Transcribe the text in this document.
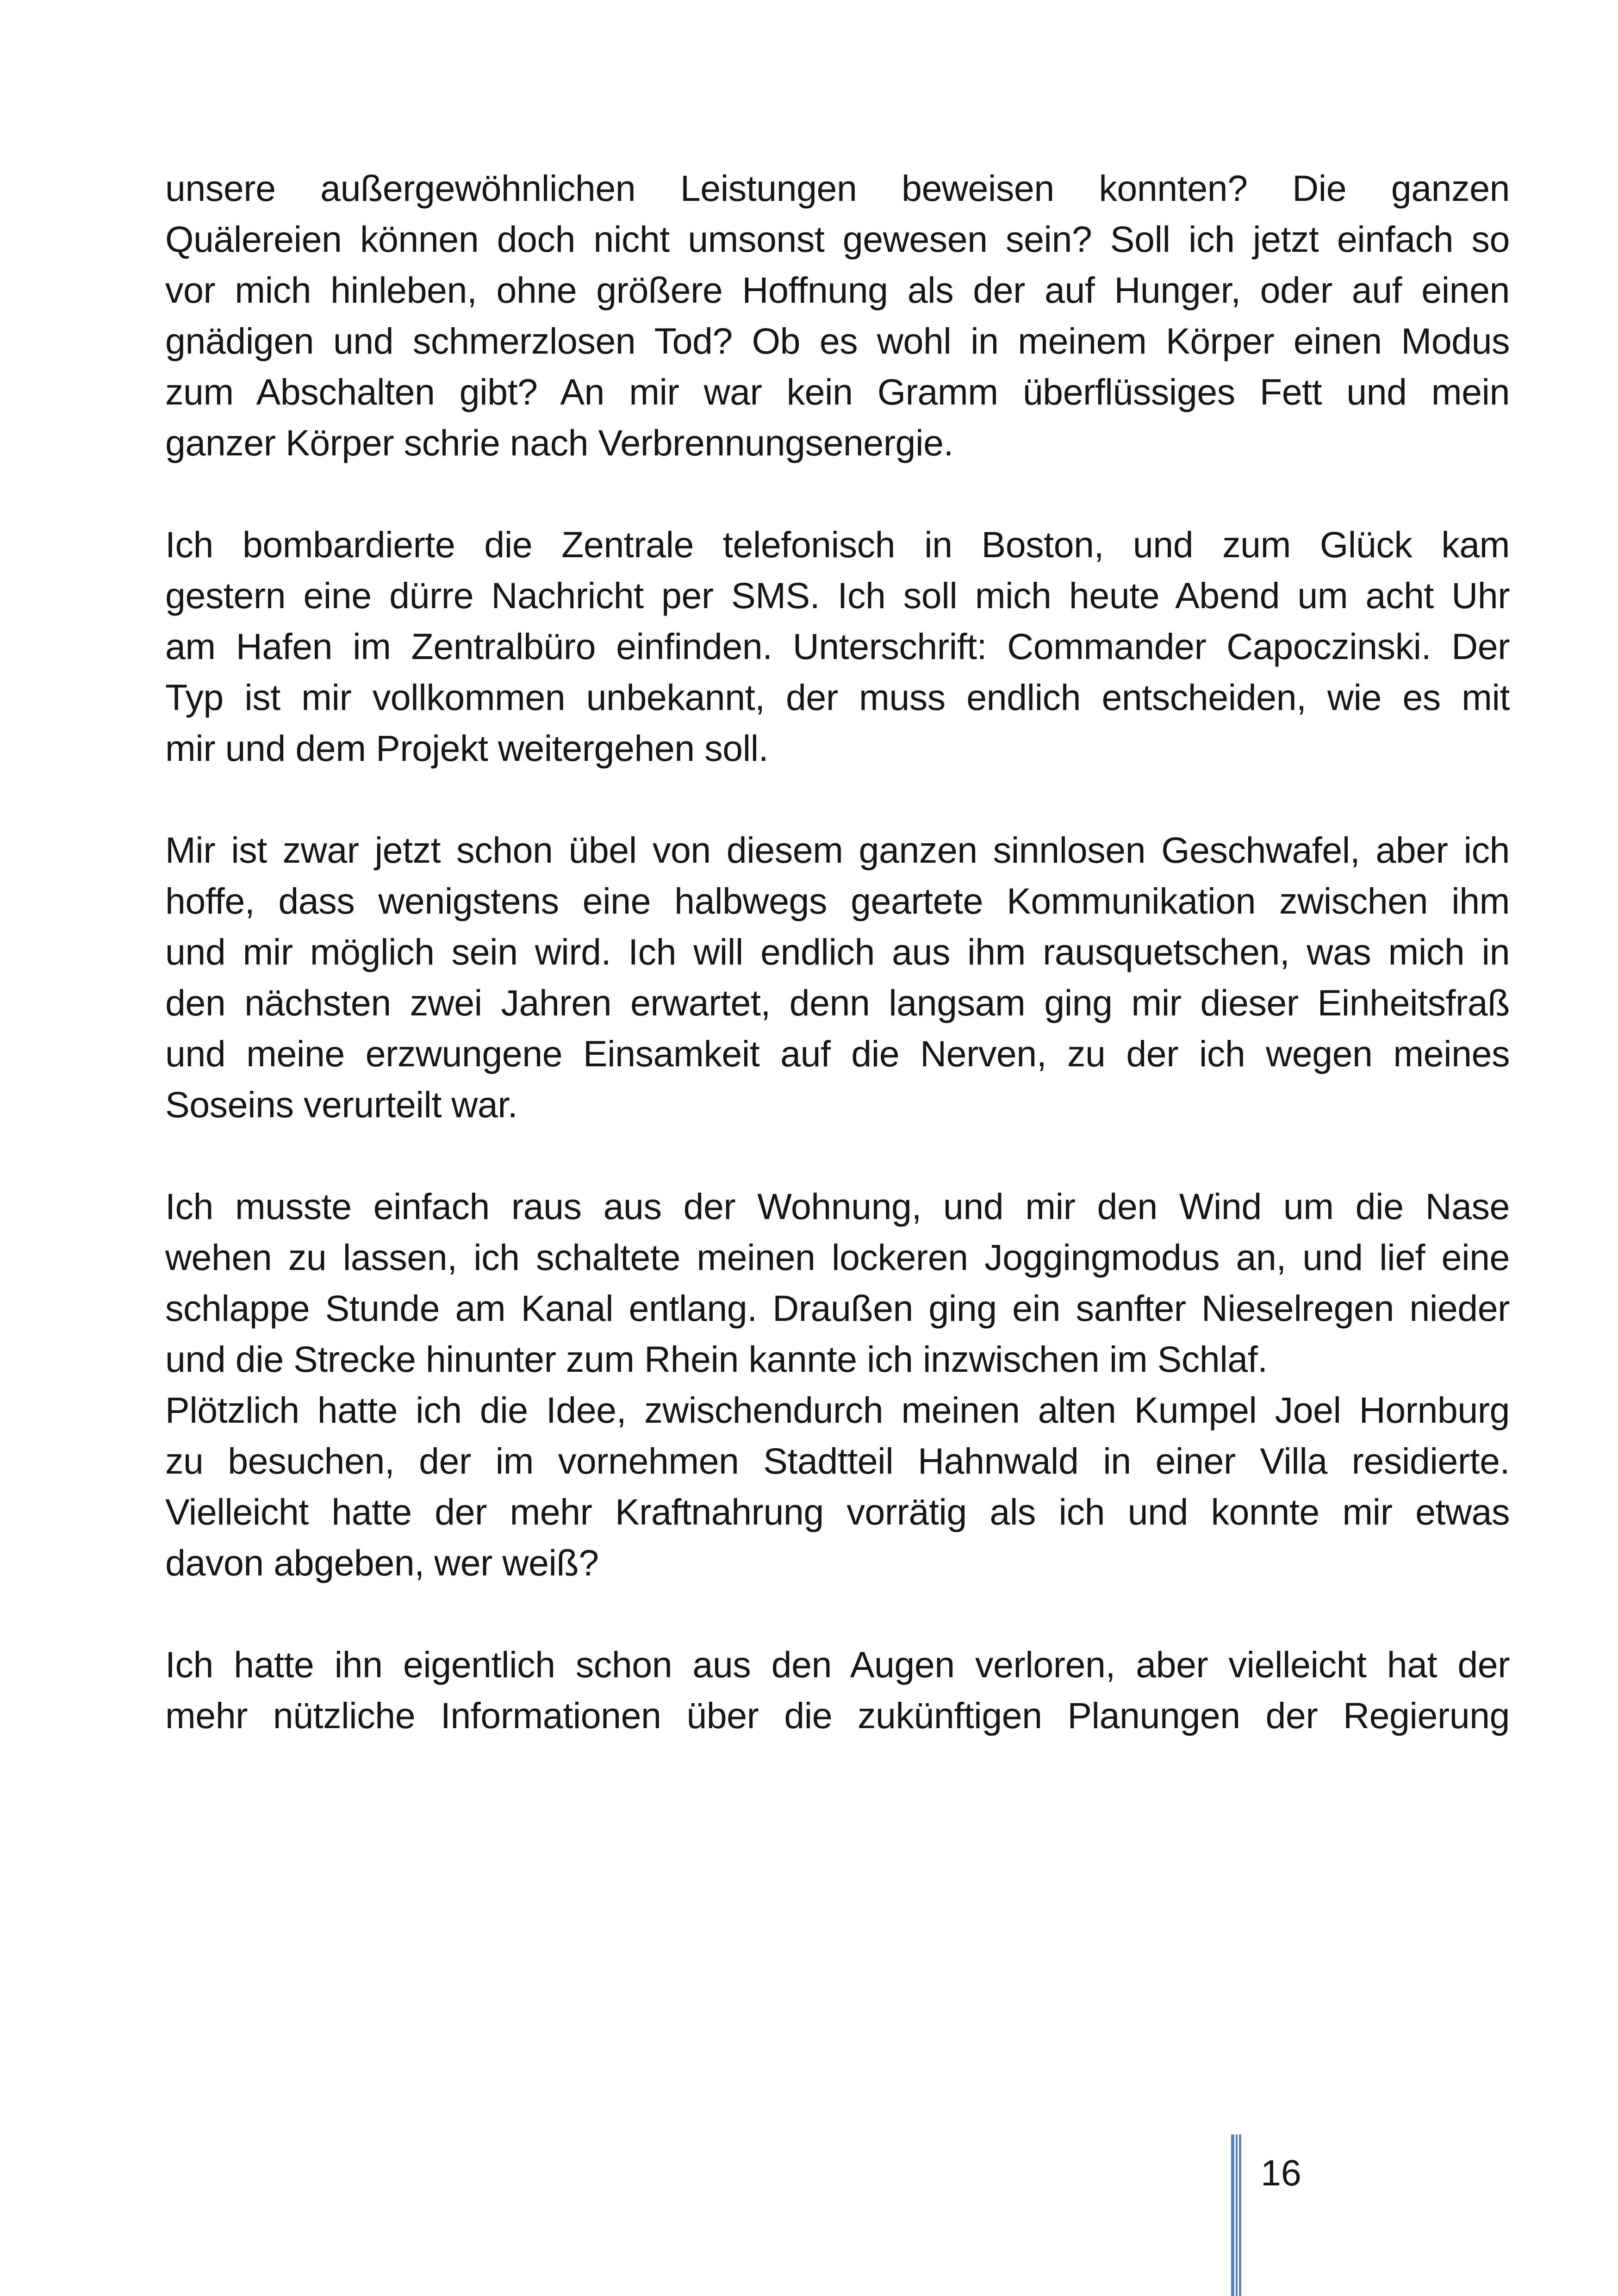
unsere außergewöhnlichen Leistungen beweisen konnten? Die ganzen
Quälereien können doch nicht umsonst gewesen sein? Soll ich jetzt einfach so
vor mich hinleben, ohne größere Hoffnung als der auf Hunger, oder auf einen
gnädigen und schmerzlosen Tod? Ob es wohl in meinem Körper einen Modus
zum Abschalten gibt? An mir war kein Gramm überflüssiges Fett und mein
ganzer Körper schrie nach Verbrennungsenergie.
Ich bombardierte die Zentrale telefonisch in Boston, und zum Glück kam
gestern eine dürre Nachricht per SMS. Ich soll mich heute Abend um acht Uhr
am Hafen im Zentralbüro einfinden. Unterschrift: Commander Capoczinski. Der
Typ ist mir vollkommen unbekannt, der muss endlich entscheiden, wie es mit
mir und dem Projekt weitergehen soll.
Mir ist zwar jetzt schon übel von diesem ganzen sinnlosen Geschwafel, aber ich
hoffe, dass wenigstens eine halbwegs geartete Kommunikation zwischen ihm
und mir möglich sein wird. Ich will endlich aus ihm rausquetschen, was mich in
den nächsten zwei Jahren erwartet, denn langsam ging mir dieser Einheitsfraß
und meine erzwungene Einsamkeit auf die Nerven, zu der ich wegen meines
Soseins verurteilt war.
Ich musste einfach raus aus der Wohnung, und mir den Wind um die Nase
wehen zu lassen, ich schaltete meinen lockeren Joggingmodus an, und lief eine
schlappe Stunde am Kanal entlang. Draußen ging ein sanfter Nieselregen nieder
und die Strecke hinunter zum Rhein kannte ich inzwischen im Schlaf.
Plötzlich hatte ich die Idee, zwischendurch meinen alten Kumpel Joel Hornburg
zu besuchen, der im vornehmen Stadtteil Hahnwald in einer Villa residierte.
Vielleicht hatte der mehr Kraftnahrung vorrätig als ich und konnte mir etwas
davon abgeben, wer weiß?
Ich hatte ihn eigentlich schon aus den Augen verloren, aber vielleicht hat der
mehr nützliche Informationen über die zukünftigen Planungen der Regierung
16
